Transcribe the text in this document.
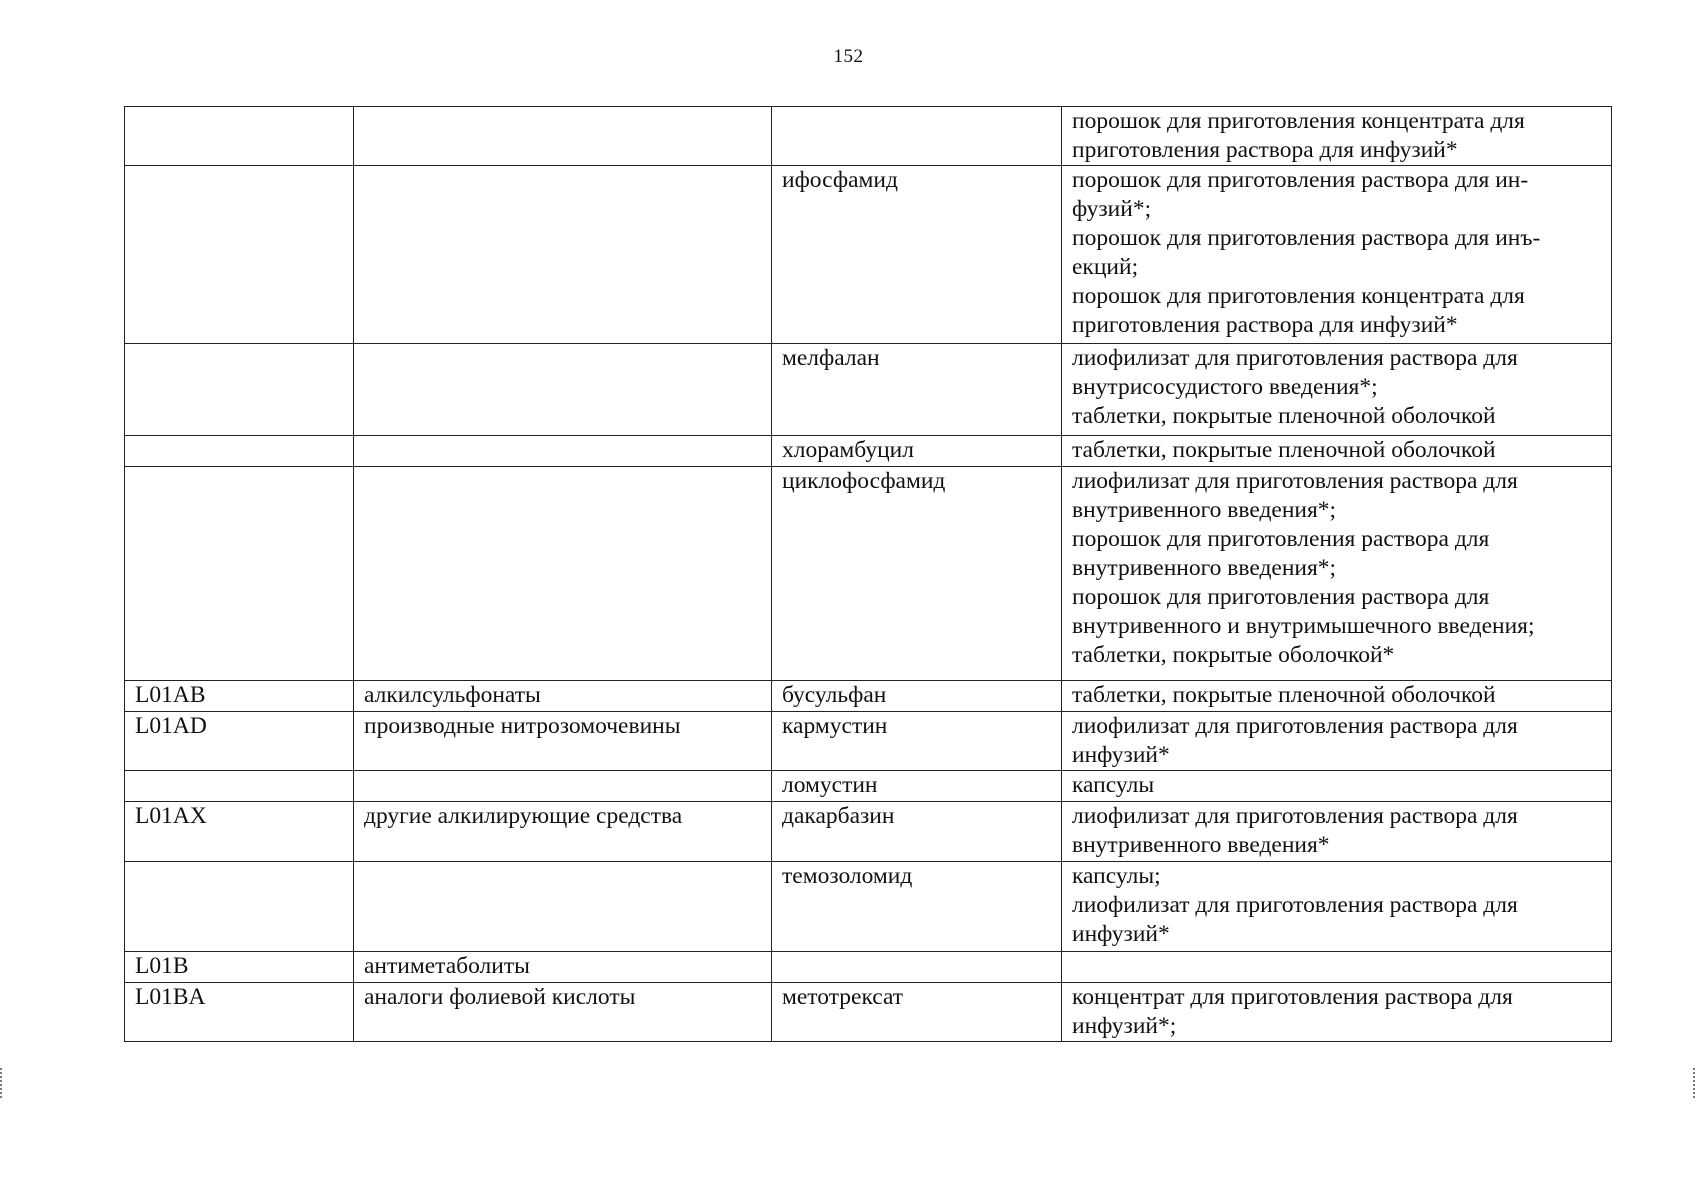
152

			порошок для приготовления концентрата для приготовления раствора для инфузий*

		ифосфамид	порошок для приготовления раствора для ин- фузий*;
порошок для приготовления раствора для инъ- екций;
порошок для приготовления концентрата для приготовления раствора для инфузий*

		мелфалан	лиофилизат для приготовления раствора для внутрисосудистого введения*;
таблетки, покрытые пленочной оболочкой

		хлорамбуцил	таблетки, покрытые пленочной оболочкой

		циклофосфамид	лиофилизат для приготовления раствора для внутривенного введения*;
порошок для приготовления раствора для внутривенного введения*;
порошок для приготовления раствора для внутривенного и внутримышечного введения;
таблетки, покрытые оболочкой*

L01AB	алкилсульфонаты	бусульфан	таблетки, покрытые пленочной оболочкой

L01AD	производные нитрозомочевины	кармустин	лиофилизат для приготовления раствора для инфузий*

		ломустин	капсулы

L01AX	другие алкилирующие средства	дакарбазин	лиофилизат для приготовления раствора для внутривенного введения*

		темозоломид	капсулы;
лиофилизат для приготовления раствора для инфузий*

L01B	антиметаболиты		
L01BA	аналоги фолиевой кислоты	метотрексат	концентрат для приготовления раствора для инфузий*;
